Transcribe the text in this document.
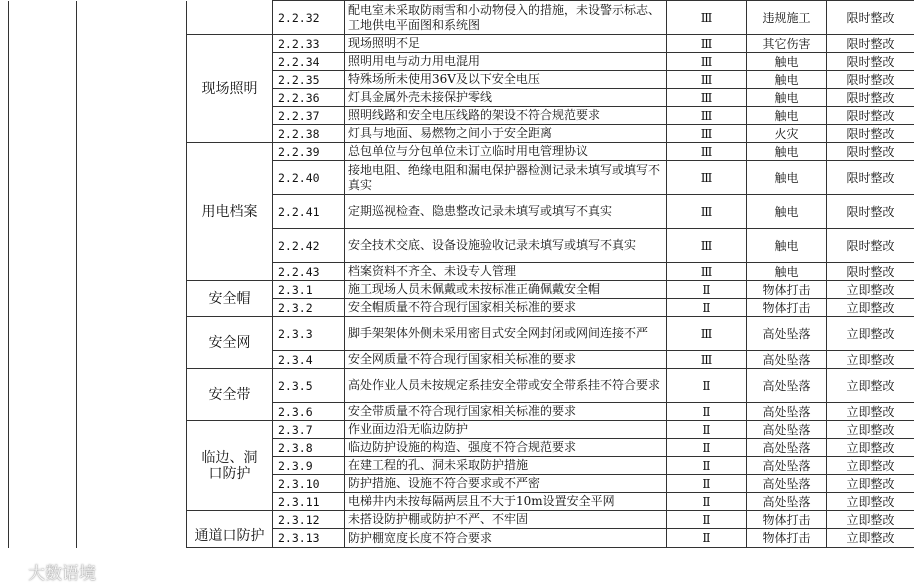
			2.2.32	配电室未采取防雨雪和小动物侵入的措施，未设警示标志、工地供电平面图和系统图	Ⅲ	违规施工	限时整改
		现场照明	2.2.33	现场照明不足	Ⅲ	其它伤害	限时整改
			2.2.34	照明用电与动力用电混用	Ⅲ	触电	限时整改
			2.2.35	特殊场所未使用36V及以下安全电压	Ⅲ	触电	限时整改
			2.2.36	灯具金属外壳未接保护零线	Ⅲ	触电	限时整改
			2.2.37	照明线路和安全电压线路的架设不符合规范要求	Ⅲ	触电	限时整改
			2.2.38	灯具与地面、易燃物之间小于安全距离	Ⅲ	火灾	限时整改
		用电档案	2.2.39	总包单位与分包单位未订立临时用电管理协议	Ⅲ	触电	限时整改
			2.2.40	接地电阻、绝缘电阻和漏电保护器检测记录未填写或填写不真实	Ⅲ	触电	限时整改
			2.2.41	定期巡视检查、隐患整改记录未填写或填写不真实	Ⅲ	触电	限时整改
			2.2.42	安全技术交底、设备设施验收记录未填写或填写不真实	Ⅲ	触电	限时整改
			2.2.43	档案资料不齐全、未设专人管理	Ⅲ	触电	限时整改
		安全帽	2.3.1	施工现场人员未佩戴或未按标准正确佩戴安全帽	Ⅱ	物体打击	立即整改
			2.3.2	安全帽质量不符合现行国家相关标准的要求	Ⅱ	物体打击	立即整改
		安全网	2.3.3	脚手架架体外侧未采用密目式安全网封闭或网间连接不严	Ⅲ	高处坠落	立即整改
			2.3.4	安全网质量不符合现行国家相关标准的要求	Ⅲ	高处坠落	立即整改
		安全带	2.3.5	高处作业人员未按规定系挂安全带或安全带系挂不符合要求	Ⅱ	高处坠落	立即整改
			2.3.6	安全带质量不符合现行国家相关标准的要求	Ⅱ	高处坠落	立即整改
		临边、洞口防护	2.3.7	作业面边沿无临边防护	Ⅱ	高处坠落	立即整改
			2.3.8	临边防护设施的构造、强度不符合规范要求	Ⅱ	高处坠落	立即整改
			2.3.9	在建工程的孔、洞未采取防护措施	Ⅱ	高处坠落	立即整改
			2.3.10	防护措施、设施不符合要求或不严密	Ⅱ	高处坠落	立即整改
			2.3.11	电梯井内未按每隔两层且不大于10m设置安全平网	Ⅱ	高处坠落	立即整改
		通道口防护	2.3.12	未搭设防护棚或防护不严、不牢固	Ⅱ	物体打击	立即整改
			2.3.13	防护棚宽度长度不符合要求	Ⅱ	物体打击	立即整改
大数语境
